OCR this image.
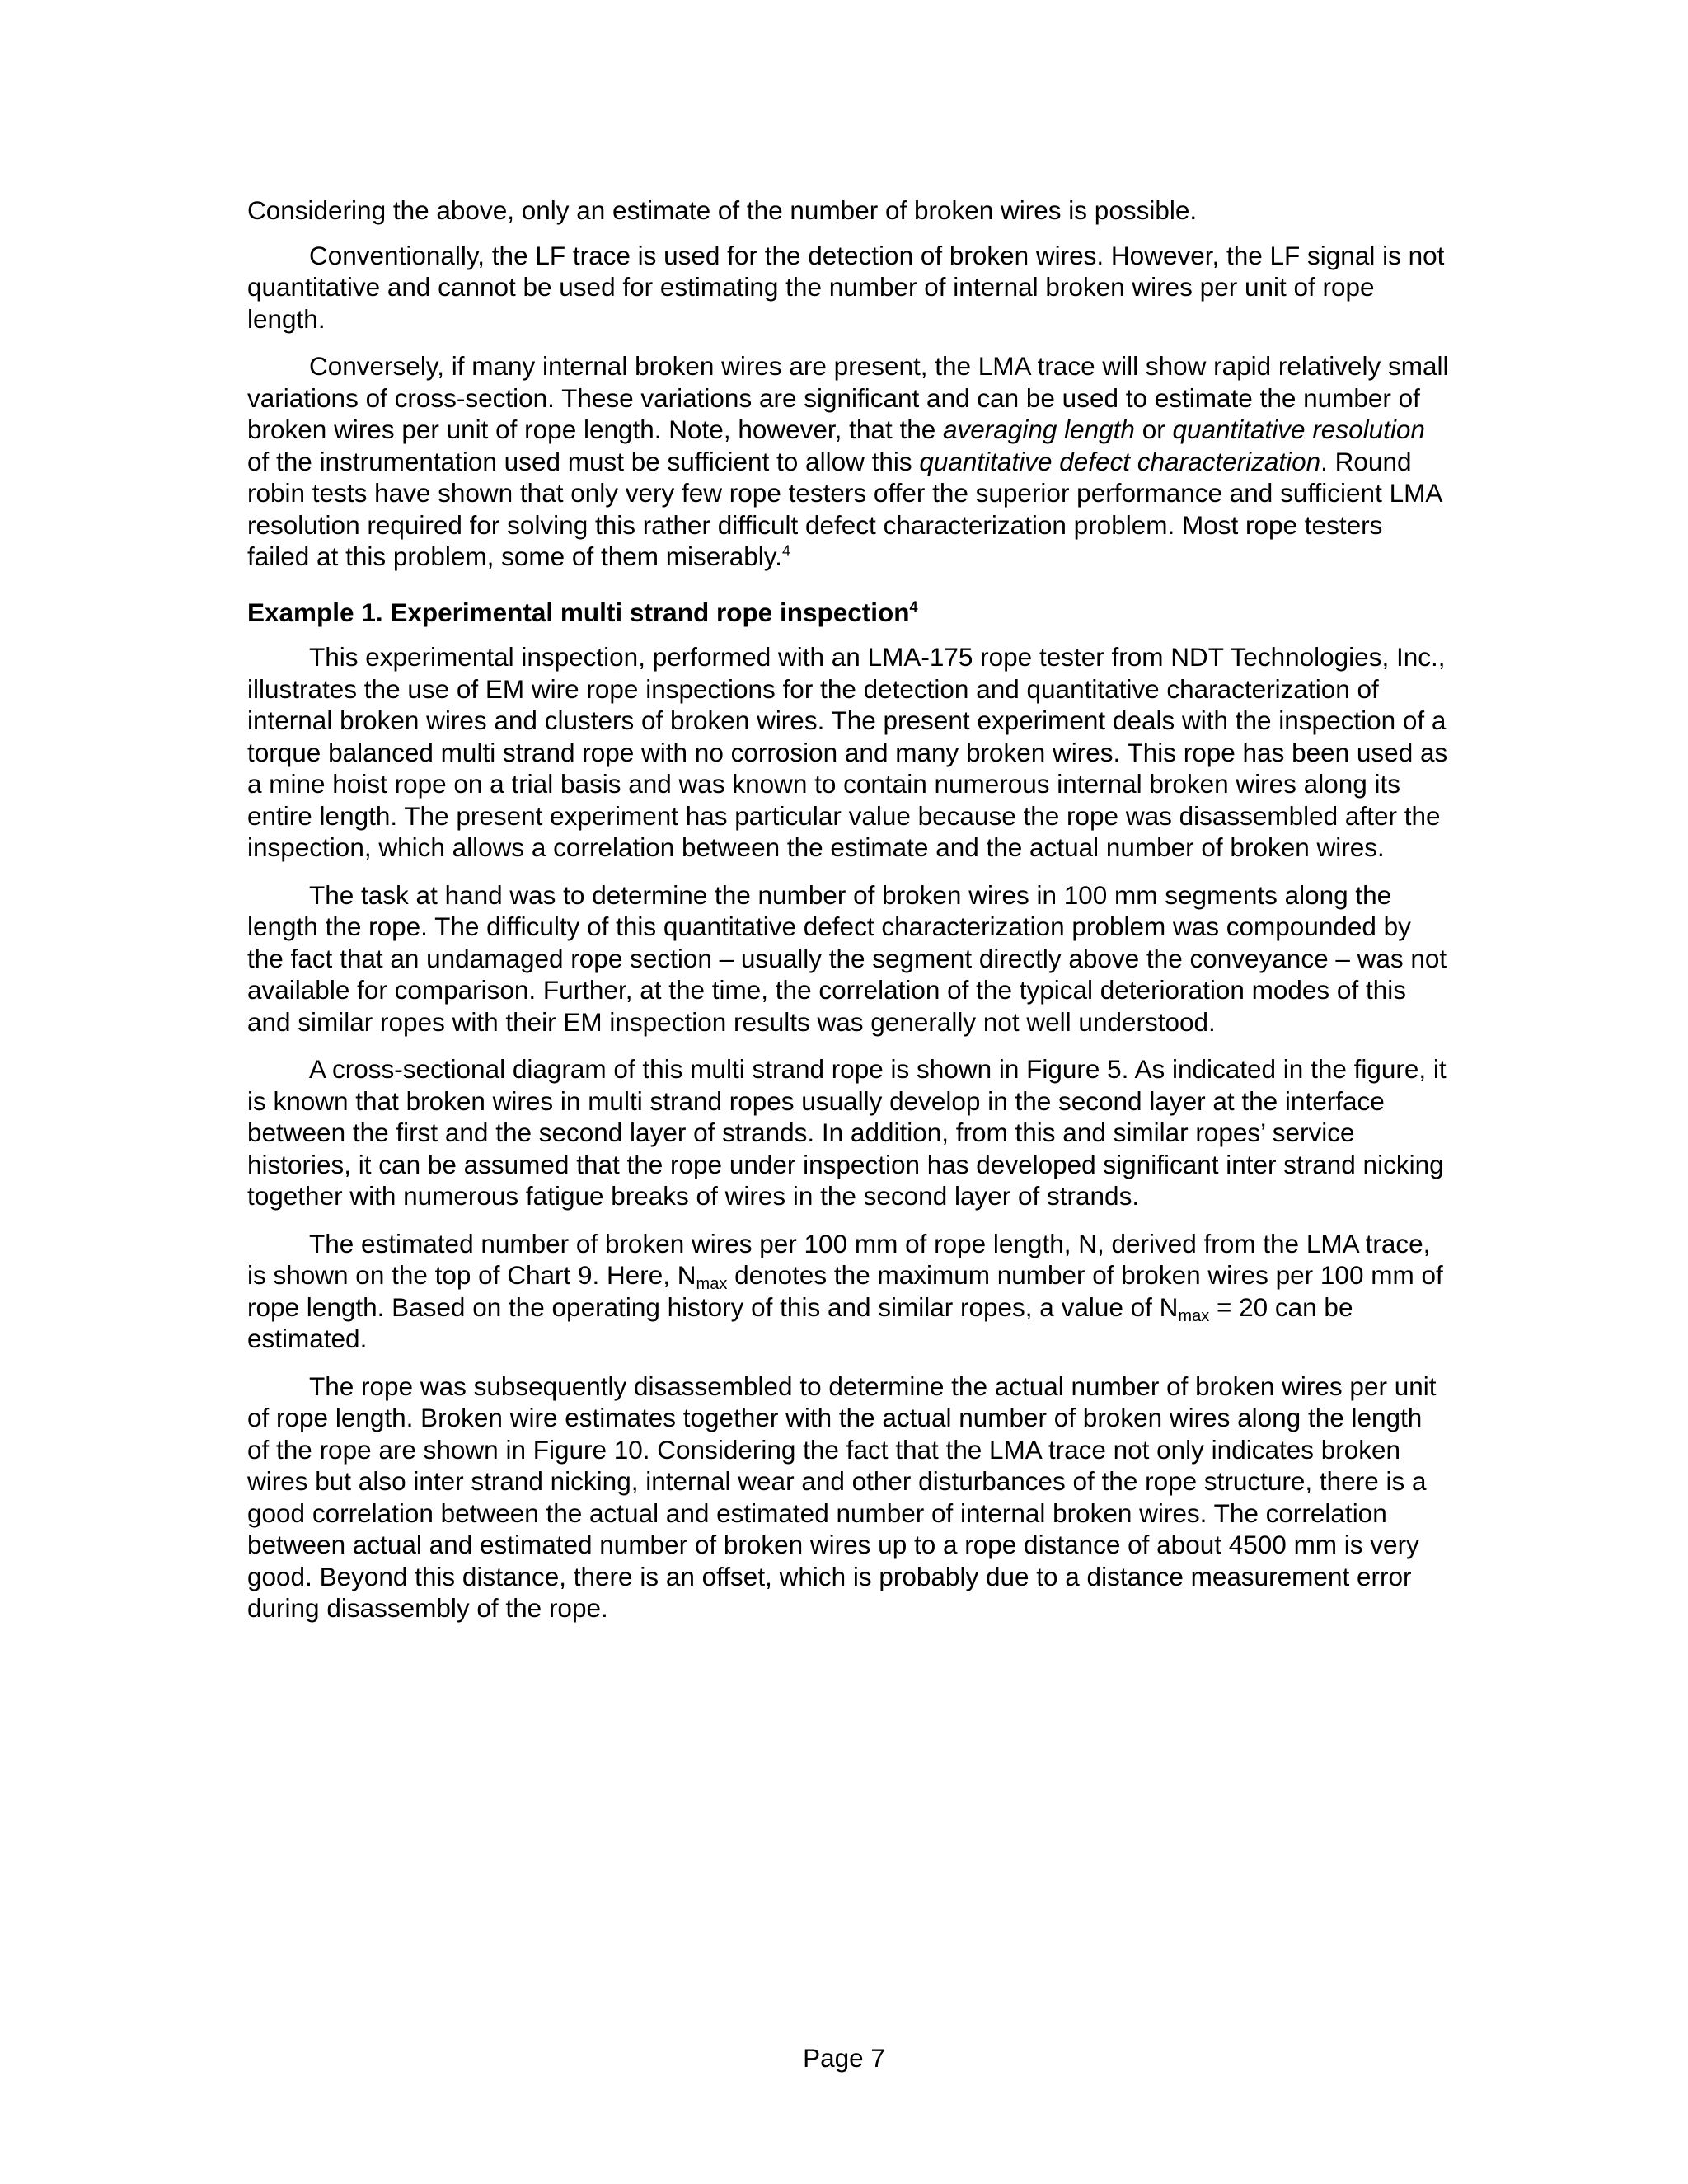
Considering the above, only an estimate of the number of broken wires is possible.

Conventionally, the LF trace is used for the detection of broken wires. However, the LF signal is not quantitative and cannot be used for estimating the number of internal broken wires per unit of rope length.

Conversely, if many internal broken wires are present, the LMA trace will show rapid relatively small variations of cross-section. These variations are significant and can be used to estimate the number of broken wires per unit of rope length. Note, however, that the averaging length or quantitative resolution of the instrumentation used must be sufficient to allow this quantitative defect characterization. Round robin tests have shown that only very few rope testers offer the superior performance and sufficient LMA resolution required for solving this rather difficult defect characterization problem. Most rope testers failed at this problem, some of them miserably.$^4$

Example 1. Experimental multi strand rope inspection$^4$

This experimental inspection, performed with an LMA-175 rope tester from NDT Technologies, Inc., illustrates the use of EM wire rope inspections for the detection and quantitative characterization of internal broken wires and clusters of broken wires. The present experiment deals with the inspection of a torque balanced multi strand rope with no corrosion and many broken wires. This rope has been used as a mine hoist rope on a trial basis and was known to contain numerous internal broken wires along its entire length. The present experiment has particular value because the rope was disassembled after the inspection, which allows a correlation between the estimate and the actual number of broken wires.

The task at hand was to determine the number of broken wires in 100 mm segments along the length the rope. The difficulty of this quantitative defect characterization problem was compounded by the fact that an undamaged rope section – usually the segment directly above the conveyance – was not available for comparison. Further, at the time, the correlation of the typical deterioration modes of this and similar ropes with their EM inspection results was generally not well understood.

A cross-sectional diagram of this multi strand rope is shown in Figure 5. As indicated in the figure, it is known that broken wires in multi strand ropes usually develop in the second layer at the interface between the first and the second layer of strands. In addition, from this and similar ropes’ service histories, it can be assumed that the rope under inspection has developed significant inter strand nicking together with numerous fatigue breaks of wires in the second layer of strands.

The estimated number of broken wires per 100 mm of rope length, N, derived from the LMA trace, is shown on the top of Chart 9. Here, $N_{max}$ denotes the maximum number of broken wires per 100 mm of rope length. Based on the operating history of this and similar ropes, a value of $N_{max} = 20$ can be estimated.

The rope was subsequently disassembled to determine the actual number of broken wires per unit of rope length. Broken wire estimates together with the actual number of broken wires along the length of the rope are shown in Figure 10. Considering the fact that the LMA trace not only indicates broken wires but also inter strand nicking, internal wear and other disturbances of the rope structure, there is a good correlation between the actual and estimated number of internal broken wires. The correlation between actual and estimated number of broken wires up to a rope distance of about 4500 mm is very good. Beyond this distance, there is an offset, which is probably due to a distance measurement error during disassembly of the rope.

Page 7
